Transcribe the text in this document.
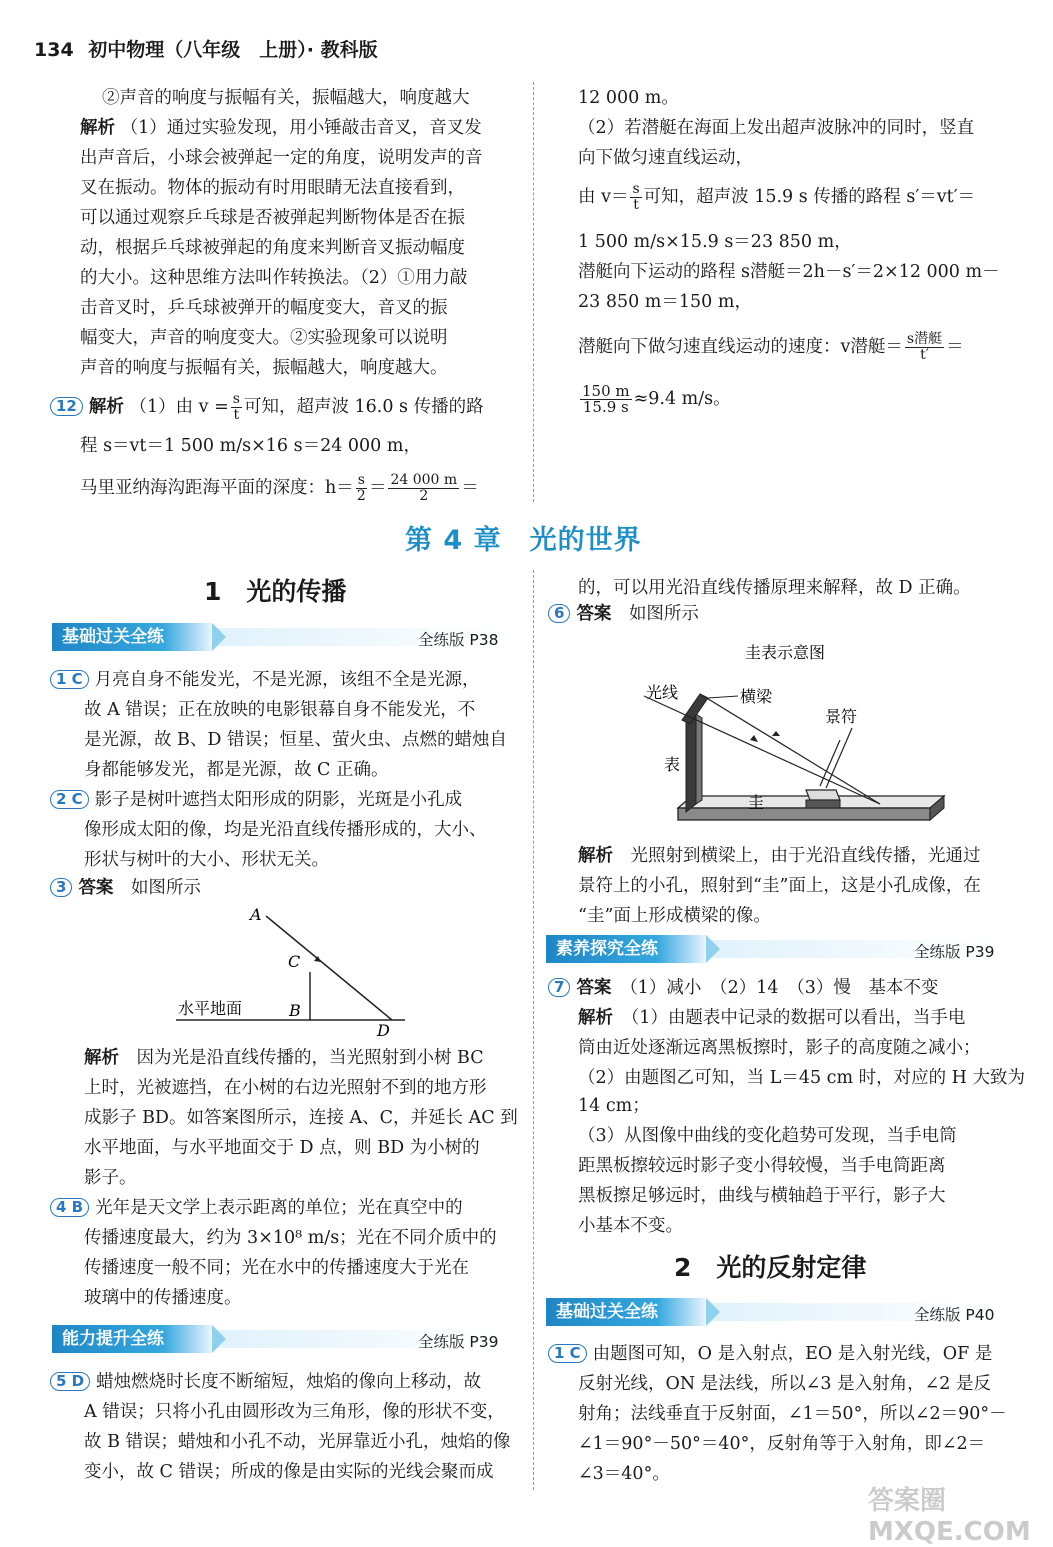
134 初中物理（八年级　上册）· 教科版
②声音的响度与振幅有关，振幅越大，响度越大
解析 （1）通过实验发现，用小锤敲击音叉，音叉发
出声音后，小球会被弹起一定的角度，说明发声的音
叉在振动。物体的振动有时用眼睛无法直接看到，
可以通过观察乒乓球是否被弹起判断物体是否在振
动，根据乒乓球被弹起的角度来判断音叉振动幅度
的大小。这种思维方法叫作转换法。（2）①用力敲
击音叉时，乒乓球被弹开的幅度变大，音叉的振
幅变大，声音的响度变大。②实验现象可以说明
声音的响度与振幅有关，振幅越大，响度越大。
12 解析 （1）由 $v = \frac{s}{t}$ 可知，超声波 16.0 s 传播的路
程 s＝vt＝1 500 m/s×16 s＝24 000 m，
马里亚纳海沟距海平面的深度：$h= \frac{s}{2} = \frac{24 000 m}{2}$ ＝
12 000 m。
（2）若潜艇在海面上发出超声波脉冲的同时，竖直
向下做匀速直线运动，
由 $v= \frac{s}{t}$ 可知，超声波 15.9 s 传播的路程 s′＝vt′＝
1 500 m/s×15.9 s＝23 850 m，
潜艇向下运动的路程 s潜艇＝2h－s′＝2×12 000 m－
23 850 m＝150 m，
潜艇向下做匀速直线运动的速度：v潜艇＝ $\frac{\text{s潜艇}}{t'}$ ＝
$\frac{150 m}{15.9 s} \approx 9.4$ m/s。
第 4 章　光的世界
1　 光的传播
基础过关全练	全练版 P38
1 C 月亮自身不能发光，不是光源，该组不全是光源，
故 A 错误；正在放映的电影银幕自身不能发光，不
是光源，故 B、D 错误；恒星、萤火虫、点燃的蜡烛自
身都能够发光，都是光源，故 C 正确。
2 C 影子是树叶遮挡太阳形成的阴影，光斑是小孔成
像形成太阳的像，均是光沿直线传播形成的，大小、
形状与树叶的大小、形状无关。
3 答案　 如图所示
A
C
B
D
水平地面
解析　 因为光是沿直线传播的，当光照射到小树 BC
上时，光被遮挡，在小树的右边光照射不到的地方形
成影子 BD。如答案图所示，连接 A、C，并延长 AC 到
水平地面，与水平地面交于 D 点，则 BD 为小树的
影子。
4 B 光年是天文学上表示距离的单位；光在真空中的
传播速度最大，约为 3×10⁸ m/s；光在不同介质中的
传播速度一般不同；光在水中的传播速度大于光在
玻璃中的传播速度。
能力提升全练	全练版 P39
5 D 蜡烛燃烧时长度不断缩短，烛焰的像向上移动，故
A 错误；只将小孔由圆形改为三角形，像的形状不变，
故 B 错误；蜡烛和小孔不动，光屏靠近小孔，烛焰的像
变小，故 C 错误；所成的像是由实际的光线会聚而成
的，可以用光沿直线传播原理来解释，故 D 正确。
6 答案　 如图所示
圭表示意图
光线	横梁
景符
表
圭
解析　 光照射到横梁上，由于光沿直线传播，光通过
景符上的小孔，照射到“圭”面上，这是小孔成像，在
“圭”面上形成横梁的像。
素养探究全练	全练版 P39
7 答案　 （1）减小　（2）14　（3）慢　基本不变
解析　 （1）由题表中记录的数据可以看出，当手电
筒由近处逐渐远离黑板擦时，影子的高度随之减小；
（2）由题图乙可知，当 L＝45 cm 时，对应的 H 大致为
14 cm；
（3）从图像中曲线的变化趋势可发现，当手电筒
距黑板擦较远时影子变小得较慢，当手电筒距离
黑板擦足够远时，曲线与横轴趋于平行，影子大
小基本不变。
2　 光的反射定律
基础过关全练	全练版 P40
1 C 由题图可知，O 是入射点，EO 是入射光线，OF 是
反射光线，ON 是法线，所以∠3 是入射角，∠2 是反
射角；法线垂直于反射面，∠1＝50°，所以∠2＝90°－
∠1＝90°－50°＝40°，反射角等于入射角，即∠2＝
∠3＝40°。
答案圈 MXQE.COM
